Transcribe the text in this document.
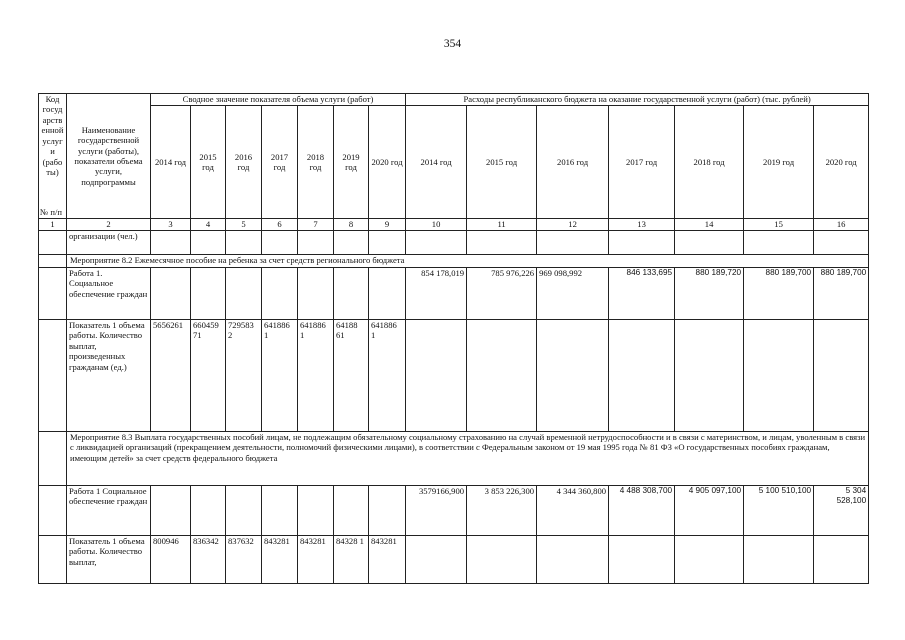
354
Код госуд арств енной услуг и (рабо ты)
№ п/п	Наименование государственной услуги (работы), показатели объема услуги, подпрограммы	Сводное значение показателя объема услуги (работ)							Расходы республиканского бюджета на оказание государственной услуги (работ) (тыс. рублей)						
		2014 год	2015 год	2016 год	2017 год	2018 год	2019 год	2020 год	2014 год	2015 год	2016 год	2017 год	2018 год	2019 год	2020 год
1	2	3	4	5	6	7	8	9	10	11	12	13	14	15	16
	организации (чел.)														
	Мероприятие 8.2 Ежемесячное пособие на ребенка за счет средств регионального бюджета														
	Работа 1. Социальное обеспечение граждан								854 178,019	785 976,226	969 098,992	846 133,695	880 189,720	880 189,700	880 189,700
	Показатель 1 объема работы. Количество выплат, произведенных гражданам (ед.)	5656261	660459 71	729583 2	641886 1	641886 1	64188 61	641886 1							
	Мероприятие 8.3 Выплата государственных пособий лицам, не подлежащим обязательному социальному страхованию на случай временной нетрудоспособности и в связи с материнством, и лицам, уволенным в связи с ликвидацией организаций (прекращением деятельности, полномочий физическими лицами), в соответствии с Федеральным законом от 19 мая 1995 года № 81 ФЗ «О государственных пособиях гражданам, имеющим детей» за счет средств федерального бюджета														
	Работа 1 Социальное обеспечение граждан								3579166,900	3 853 226,300	4 344 360,800	4 488 308,700	4 905 097,100	5 100 510,100	5 304 528,100
	Показатель 1 объема работы. Количество выплат,	800946	836342	837632	843281	843281	84328 1	843281							
